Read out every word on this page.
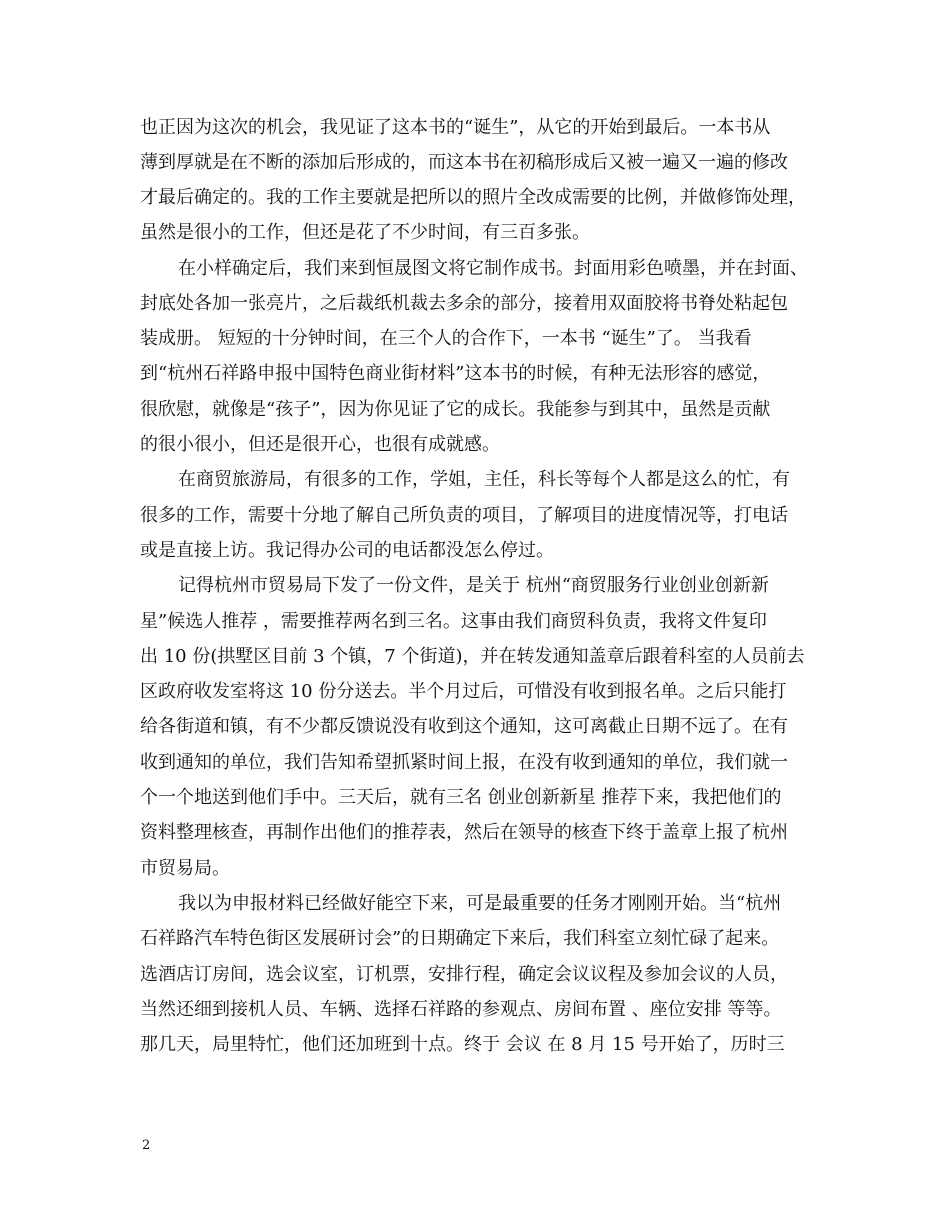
也正因为这次的机会，我见证了这本书的“诞生”，从它的开始到最后。一本书从
薄到厚就是在不断的添加后形成的，而这本书在初稿形成后又被一遍又一遍的修改
才最后确定的。我的工作主要就是把所以的照片全改成需要的比例，并做修饰处理，
虽然是很小的工作，但还是花了不少时间，有三百多张。
在小样确定后，我们来到恒晟图文将它制作成书。封面用彩色喷墨，并在封面、
封底处各加一张亮片，之后裁纸机裁去多余的部分，接着用双面胶将书脊处粘起包
装成册。 短短的十分钟时间，在三个人的合作下，一本书 “诞生”了。 当我看
到“杭州石祥路申报中国特色商业街材料”这本书的时候，有种无法形容的感觉，
很欣慰，就像是“孩子”，因为你见证了它的成长。我能参与到其中，虽然是贡献
的很小很小，但还是很开心，也很有成就感。
在商贸旅游局，有很多的工作，学姐，主任，科长等每个人都是这么的忙，有
很多的工作，需要十分地了解自己所负责的项目，了解项目的进度情况等，打电话
或是直接上访。我记得办公司的电话都没怎么停过。
记得杭州市贸易局下发了一份文件，是关于 杭州“商贸服务行业创业创新新
星”候选人推荐 ，需要推荐两名到三名。这事由我们商贸科负责，我将文件复印
出 10 份(拱墅区目前 3 个镇，7 个街道)，并在转发通知盖章后跟着科室的人员前去
区政府收发室将这 10 份分送去。半个月过后，可惜没有收到报名单。之后只能打
给各街道和镇，有不少都反馈说没有收到这个通知，这可离截止日期不远了。在有
收到通知的单位，我们告知希望抓紧时间上报，在没有收到通知的单位，我们就一
个一个地送到他们手中。三天后，就有三名 创业创新新星 推荐下来，我把他们的
资料整理核查，再制作出他们的推荐表，然后在领导的核查下终于盖章上报了杭州
市贸易局。
我以为申报材料已经做好能空下来，可是最重要的任务才刚刚开始。当“杭州
石祥路汽车特色街区发展研讨会”的日期确定下来后，我们科室立刻忙碌了起来。
选酒店订房间，选会议室，订机票，安排行程，确定会议议程及参加会议的人员，
当然还细到接机人员、车辆、选择石祥路的参观点、房间布置 、座位安排 等等。
那几天，局里特忙，他们还加班到十点。终于 会议 在 8 月 15 号开始了，历时三
2
